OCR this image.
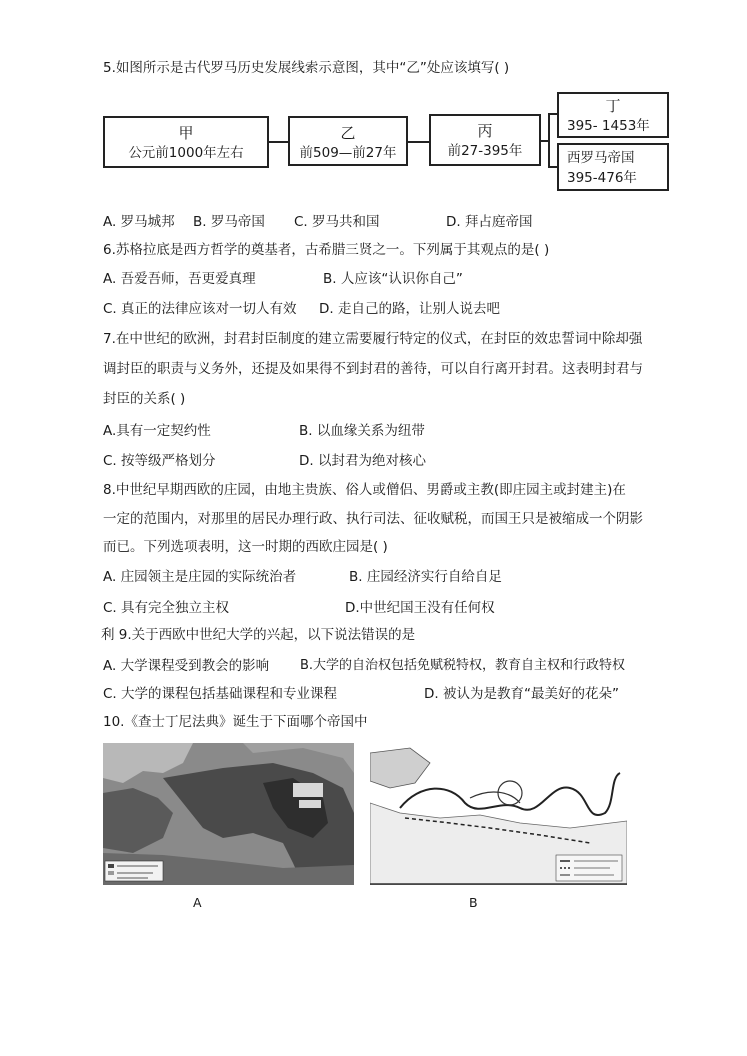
5.如图所示是古代罗马历史发展线索示意图，其中“乙”处应该填写( )
甲
公元前1000年左右
乙
前509—前27年
丙
前27-395年
丁
395- 1453年
西罗马帝国
395-476年
A. 罗马城邦 B. 罗马帝国 C. 罗马共和国	D. 拜占庭帝国
6.苏格拉底是西方哲学的奠基者，古希腊三贤之一。下列属于其观点的是( )
A. 吾爱吾师，吾更爱真理	B. 人应该“认识你自己”
C. 真正的法律应该对一切人有效 D. 走自己的路，让别人说去吧
7.在中世纪的欧洲，封君封臣制度的建立需要履行特定的仪式，在封臣的效忠誓词中除却强
调封臣的职责与义务外，还提及如果得不到封君的善待，可以自行离开封君。这表明封君与
封臣的关系( )
A.具有一定契约性	B. 以血缘关系为纽带
C. 按等级严格划分	D. 以封君为绝对核心
8.中世纪早期西欧的庄园，由地主贵族、俗人或僧侣、男爵或主教(即庄园主或封建主)在
一定的范围内，对那里的居民办理行政、执行司法、征收赋税，而国王只是被缩成一个阴影
而已。下列选项表明，这一时期的西欧庄园是( )
A. 庄园领主是庄园的实际统治者	B. 庄园经济实行自给自足
C. 具有完全独立主权	D.中世纪国王没有任何权
利 9.关于西欧中世纪大学的兴起，以下说法错误的是
A. 大学课程受到教会的影响 B.大学的自治权包括免赋税特权，教育自主权和行政特权
C. 大学的课程包括基础课程和专业课程	D. 被认为是教育“最美好的花朵”
10.《查士丁尼法典》诞生于下面哪个帝国中
A	B
